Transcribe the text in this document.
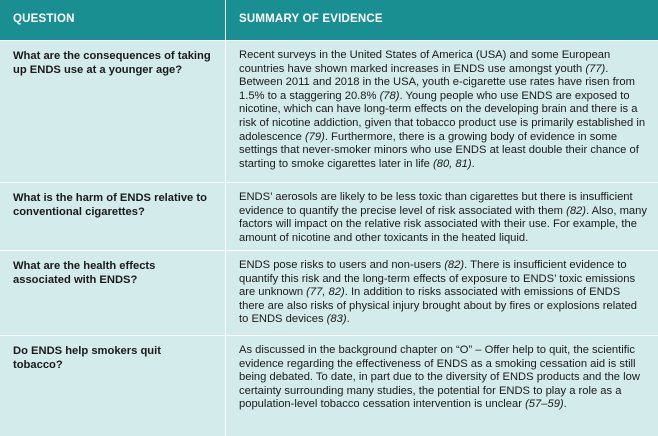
QUESTION	SUMMARY OF EVIDENCE
What are the consequences of taking up ENDS use at a younger age?
Recent surveys in the United States of America (USA) and some European countries have shown marked increases in ENDS use amongst youth (77). Between 2011 and 2018 in the USA, youth e-cigarette use rates have risen from 1.5% to a staggering 20.8% (78). Young people who use ENDS are exposed to nicotine, which can have long-term effects on the developing brain and there is a risk of nicotine addiction, given that tobacco product use is primarily established in adolescence (79). Furthermore, there is a growing body of evidence in some settings that never-smoker minors who use ENDS at least double their chance of starting to smoke cigarettes later in life (80, 81).
What is the harm of ENDS relative to conventional cigarettes?
ENDS’ aerosols are likely to be less toxic than cigarettes but there is insufficient evidence to quantify the precise level of risk associated with them (82). Also, many factors will impact on the relative risk associated with their use. For example, the amount of nicotine and other toxicants in the heated liquid.
What are the health effects associated with ENDS?
ENDS pose risks to users and non-users (82). There is insufficient evidence to quantify this risk and the long-term effects of exposure to ENDS’ toxic emissions are unknown (77, 82). In addition to risks associated with emissions of ENDS there are also risks of physical injury brought about by fires or explosions related to ENDS devices (83).
Do ENDS help smokers quit tobacco?
As discussed in the background chapter on “O” – Offer help to quit, the scientific evidence regarding the effectiveness of ENDS as a smoking cessation aid is still being debated. To date, in part due to the diversity of ENDS products and the low certainty surrounding many studies, the potential for ENDS to play a role as a population-level tobacco cessation intervention is unclear (57–59).
